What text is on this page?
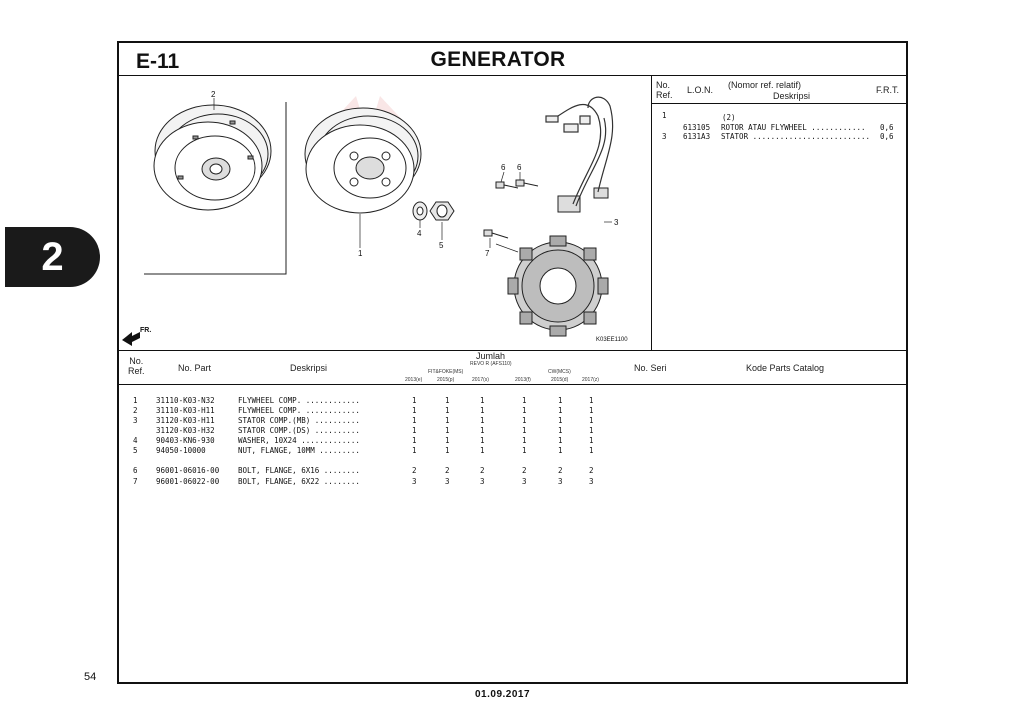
2
E-11	GENERATOR
2
1
4
5
6 6
3
7
FR.
K03EE1100
No.
Ref. L.O.N. (Nomor ref. relatif)
Deskripsi
F.R.T.
1	(2)
613105 ROTOR ATAU FLYWHEEL ............ 0,6
3 6131A3 STATOR .......................... 0,6
No.
Ref.	No. Part	Deskripsi
Jumlah
REVO R (AFS110)
FIT&FOKE(MS)	CW(MCS)
2013(e)	2015(p)	2017(s)	2013(f)	2015(d)	2017(z)
No. Seri	Kode Parts Catalog
1 31110-K03-N32	FLYWHEEL COMP. ............	1	1	1	1	1	1
2 31110-K03-H11	FLYWHEEL COMP. ............	1	1	1	1	1	1
3 31120-K03-H11	STATOR COMP.(MB) ..........	1	1	1	1	1	1
31120-K03-H32	STATOR COMP.(DS) ..........	1	1	1	1	1	1
4 90403-KN6-930	WASHER, 10X24 .............	1	1	1	1	1	1
5 94050-10000	NUT, FLANGE, 10MM .........	1	1	1	1	1	1
6 96001-06016-00	BOLT, FLANGE, 6X16 ........	2	2	2	2	2	2
7 96001-06022-00	BOLT, FLANGE, 6X22 ........	3	3	3	3	3	3
54
01.09.2017
